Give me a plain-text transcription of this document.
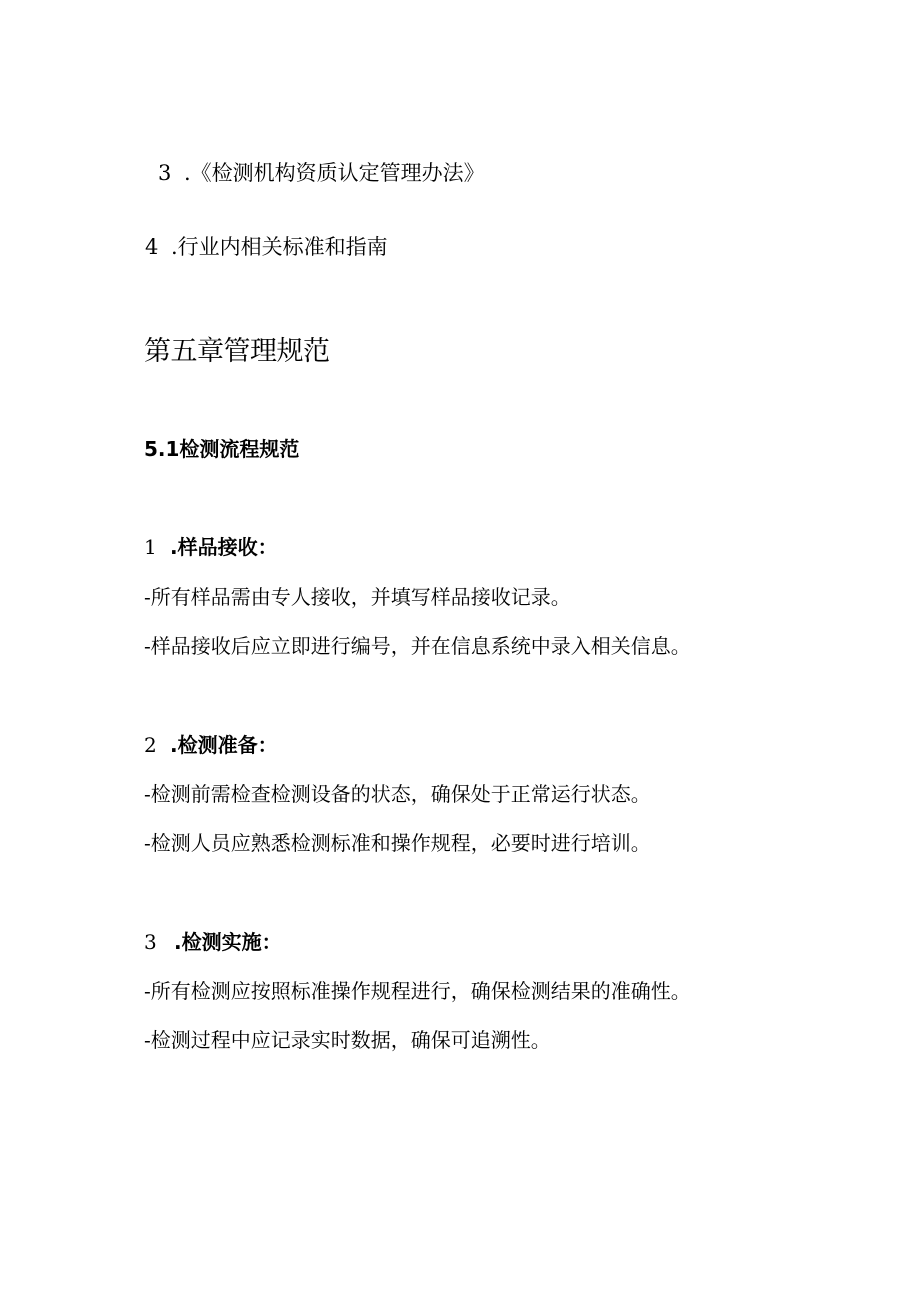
3 .《检测机构资质认定管理办法》
4 .行业内相关标准和指南
第五章管理规范
5.1检测流程规范
1 .样品接收：
-所有样品需由专人接收，并填写样品接收记录。
-样品接收后应立即进行编号，并在信息系统中录入相关信息。
2 .检测准备：
-检测前需检查检测设备的状态，确保处于正常运行状态。
-检测人员应熟悉检测标准和操作规程，必要时进行培训。
3 .检测实施：
-所有检测应按照标准操作规程进行，确保检测结果的准确性。
-检测过程中应记录实时数据，确保可追溯性。
